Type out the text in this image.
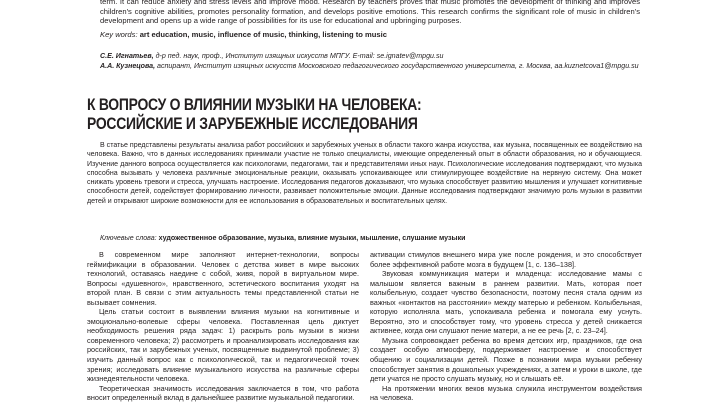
term. It can reduce anxiety and stress levels and improve mood. Research by teachers proves that music promotes the development of thinking and improves children's cognitive abilities, promotes personality formation, and develops positive emotions. This research confirms the significant role of music in children's development and opens up a wide range of possibilities for its use for educational and upbringing purposes.
Key words: art education, music, influence of music, thinking, listening to music
С.Е. Игнатьев, д-р пед. наук, проф., Институт изящных искусств МПГУ. E-mail: se.ignatev@mpgu.su
А.А. Кузнецова, аспирант, Институт изящных искусств Московского педагогического государственного университета, г. Москва, aa.kuznetcova1@mpgu.su
К ВОПРОСУ О ВЛИЯНИИ МУЗЫКИ НА ЧЕЛОВЕКА:
РОССИЙСКИЕ И ЗАРУБЕЖНЫЕ ИССЛЕДОВАНИЯ

В статье представлены результаты анализа работ российских и зарубежных ученых в области такого жанра искусства, как музыка, посвященных ее воздействию на человека. Важно, что в данных исследованиях принимали участие не только специалисты, имеющие определенный опыт в области образования, но и обучающиеся. Изучение данного вопроса осуществляется как психологами, педагогами, так и представителями иных наук. Психологические исследования подтверждают, что музыка способна вызывать у человека различные эмоциональные реакции, оказывать успокаивающее или стимулирующее воздействие на нервную систему. Она может снижать уровень тревоги и стресса, улучшать настроение. Исследования педагогов доказывают, что музыка способствует развитию мышления и улучшает когнитивные способности детей, содействует формированию личности, развивает положительные эмоции. Данные исследования подтверждают значимую роль музыки в развитии детей и открывают широкие возможности для ее использования в образовательных и воспитательных целях.

Ключевые слова: художественное образование, музыка, влияние музыки, мышление, слушание музыки

В современном мире заполняют интернет-технологии, вопросы геймификации в образовании. Человек с детства живет в мире высоких технологий, оставаясь наедине с собой, живя, порой в виртуальном мире. Вопросы «душевного», нравственного, эстетического воспитания уходят на второй план. В связи с этим актуальность темы представленной статьи не вызывает сомнения.

Цель статьи состоит в выявлении влияния музыки на когнитивные и эмоционально-волевые сферы человека. Поставленная цель диктует необходимость решения ряда задач: 1) раскрыть роль музыки в жизни современного человека; 2) рассмотреть и проанализировать исследования как российских, так и зарубежных ученых, посвященные выдвинутой проблеме; 3) изучить данный вопрос как с психологической, так и педагогической точек зрения; исследовать влияние музыкального искусства на различные сферы жизнедеятельности человека.

Теоретическая значимость исследования заключается в том, что работа вносит определенный вклад в дальнейшее развитие музыкальной педагогики.

активации стимулов внешнего мира уже после рождения, и это способствует более эффективной работе мозга в будущем [1, с. 136–138].

Звуковая коммуникация матери и младенца: исследование мамы с малышом является важным в раннем развитии. Мать, которая поет колыбельную, создает чувство безопасности, поэтому песня стала одним из важных «контактов на расстоянии» между матерью и ребенком. Колыбельная, которую исполняла мать, успокаивала ребенка и помогала ему уснуть. Вероятно, это и способствует тому, что уровень стресса у детей снижается активнее, когда они слушают пение матери, а не ее речь [2, с. 23–24].

Музыка сопровождает ребенка во время детских игр, праздников, где она создает особую атмосферу, поддерживает настроение и способствует общению и социализации детей. Позже в познании мира музыки ребенку способствует занятия в дошкольных учреждениях, а затем и уроки в школе, где дети учатся не просто слушать музыку, но и слышать её.

На протяжении многих веков музыка служила инструментом воздействия на человека.
